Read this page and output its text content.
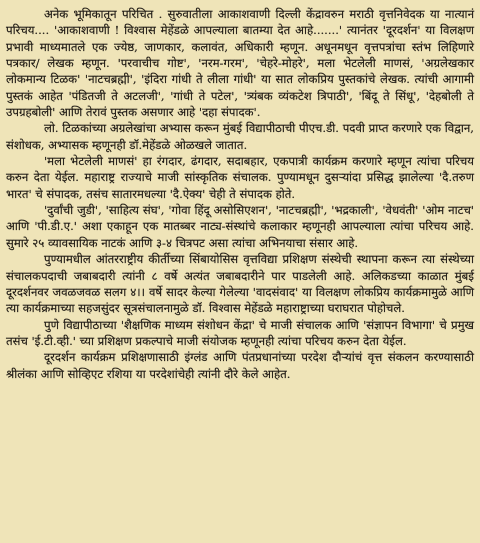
अनेक भूमिकातून परिचित . सुरुवातीला आकाशवाणी दिल्ली केंद्रावरुन मराठी वृत्तनिवेदक या नात्यानं परिचय.... 'आकाशवाणी ! विश्वास मेहेंडळे आपल्याला बातम्या देत आहे.......' त्यानंतर 'दूरदर्शन' या विलक्षण प्रभावी माध्यमातले एक ज्येष्ठ, जाणकार, कलावंत, अधिकारी म्हणून. अधूनमधून वृत्तपत्रांचा स्तंभ लिहिणारे पत्रकार/ लेखक म्हणून. 'परवाचीच गोष्ट', 'नरम-गरम', 'चेहरे-मोहरे', मला भेटलेली माणसं, 'अग्रलेखकार लोकमान्य टिळक' 'नाटचब्रह्मी', 'इंदिरा गांधी ते लीला गांधी' या सात लोकप्रिय पुस्तकांचे लेखक. त्यांची आगामी पुस्तकं आहेत 'पंडितजी ते अटलजी', 'गांधी ते पटेल', 'त्र्यंबक व्यंकटेश त्रिपाठी', 'बिंदू ते सिंधू', 'देहबोली ते उपग्रहबोली' आणि तेरावं पुस्तक असणार आहे 'दहा संपादक'.

लो. टिळकांच्या अग्रलेखांचा अभ्यास करून मुंबई विद्यापीठाची पीएच.डी. पदवी प्राप्त करणारे एक विद्वान, संशोधक, अभ्यासक म्हणूनही डॉ.मेहेंडळे ओळखले जातात.

'मला भेटलेली माणसं' हा रंगदार, ढंगदार, सदाबहार, एकपात्री कार्यक्रम करणारे म्हणून त्यांचा परिचय करुन देता येईल. महाराष्ट्र राज्याचे माजी सांस्कृतिक संचालक. पुण्यामधून दुसऱ्यांदा प्रसिद्ध झालेल्या 'दै.तरुण भारत' चे संपादक, तसंच सातारमधल्या 'दै.ऐक्य' चेही ते संपादक होते.

'दुर्वांची जुडी', 'साहित्य संघ', 'गोवा हिंदू असोसिएशन', 'नाटचब्रह्मी', 'भद्रकाली', 'वेधवंती' 'ओम नाटच' आणि 'पी.डी.ए.' अशा एकाहून एक मातब्बर नाट्य-संस्थांचे कलाकार म्हणूनही आपल्याला त्यांचा परिचय आहे. सुमारे २५ व्यावसायिक नाटकं आणि ३-४ चित्रपट असा त्यांचा अभिनयाचा संसार आहे.

पुण्यामधील आंतरराष्ट्रीय कीर्तीच्या सिंबायोसिस वृत्तविद्या प्रशिक्षण संस्थेची स्थापना करून त्या संस्थेच्या संचालकपदाची जबाबदारी त्यांनी ८ वर्षे अत्यंत जबाबदारीने पार पाडलेली आहे. अलिकडच्या काळात मुंबई दूरदर्शनवर जवळजवळ सलग ४।। वर्षे सादर केल्या गेलेल्या 'वादसंवाद' या विलक्षण लोकप्रिय कार्यक्रमामुळे आणि त्या कार्यक्रमाच्या सहजसुंदर सूत्रसंचालनामुळे डॉ. विश्वास मेहेंडळे महाराष्ट्राच्या घराघरात पोहोचले.

पुणे विद्यापीठाच्या 'शैक्षणिक माध्यम संशोधन केंद्रा' चे माजी संचालक आणि 'संज्ञापन विभागा' चे प्रमुख तसंच 'ई.टी.व्ही.' च्या प्रशिक्षण प्रकल्पाचे माजी संयोजक म्हणूनही त्यांचा परिचय करुन देता येईल.

दूरदर्शन कार्यक्रम प्रशिक्षणासाठी इंग्लंड आणि पंतप्रधानांच्या परदेश दौऱ्यांचं वृत्त संकलन करण्यासाठी श्रीलंका आणि सोव्हिएट रशिया या परदेशांचेही त्यांनी दौरे केले आहेत.
